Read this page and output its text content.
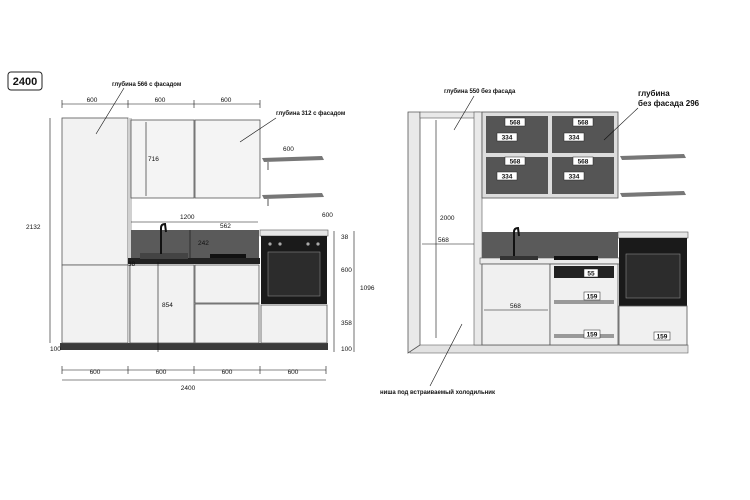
2400
600	600	600
глубина 566 с фасадом
глубина 312 с фасадом
600
600
2132
100
716
1200
562
242
854
38
38
600
358
100
1096
600	600	600	600
2400
2000
568
568
глубина 550 без фасада	глубина
без фасада 296
ниша под встраиваемый холодильник
568
334
568
334
568
334
568
334
55
159
159	159
